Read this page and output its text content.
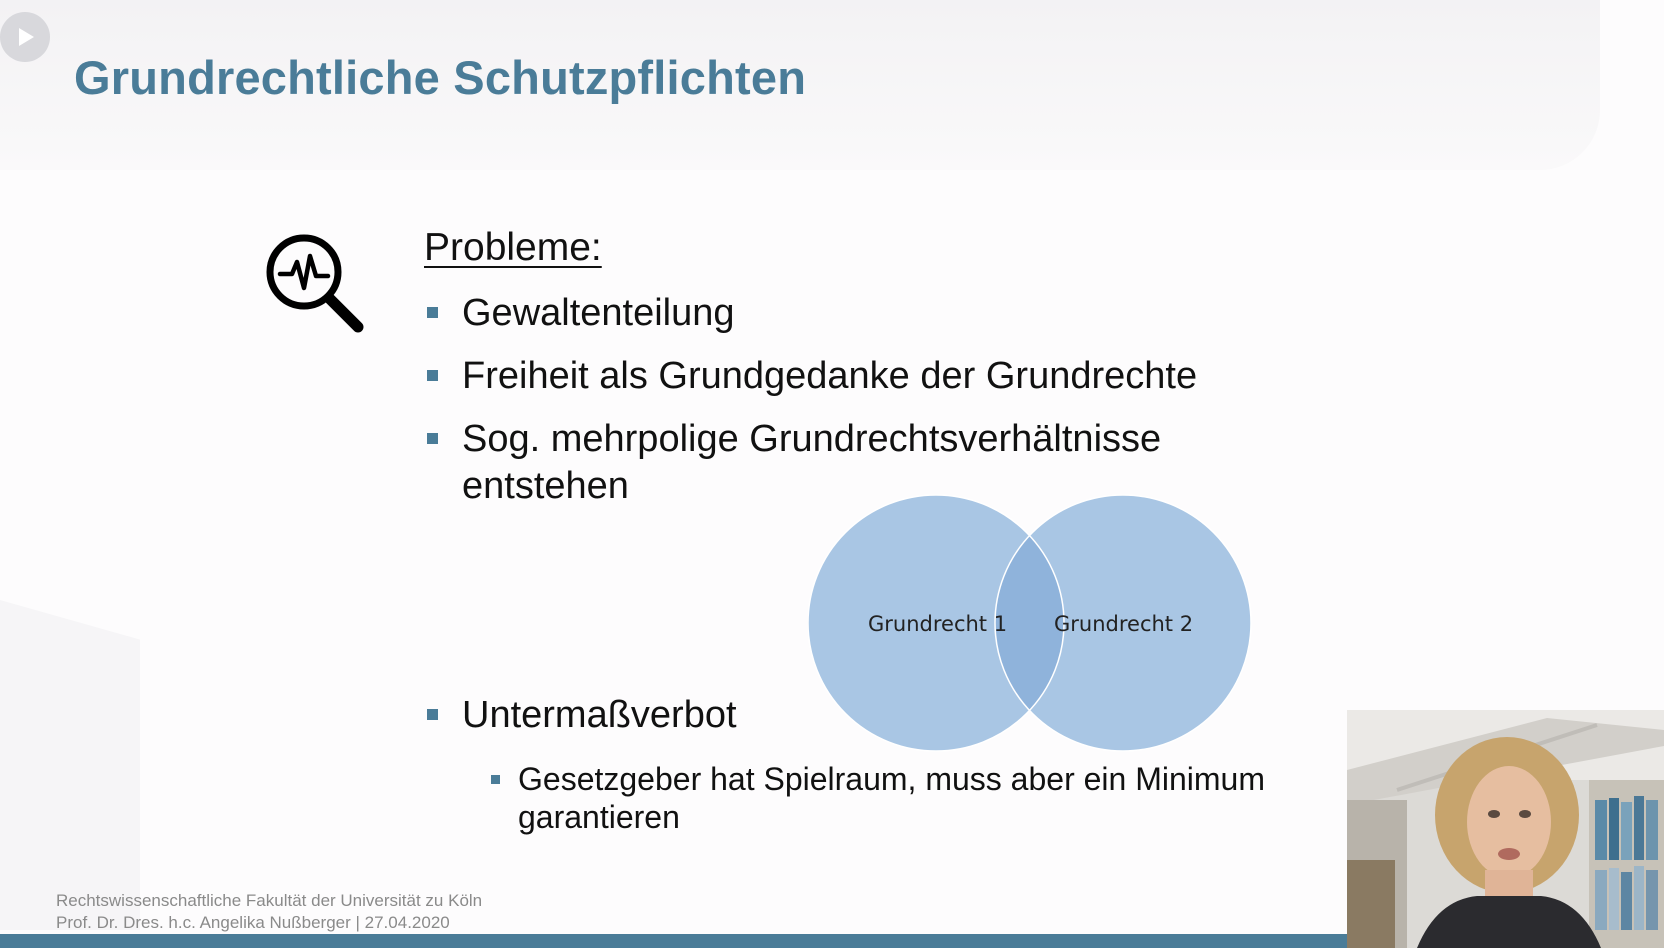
Grundrechtliche Schutzpflichten
Probleme:
Gewaltenteilung
Freiheit als Grundgedanke der Grundrechte
Sog. mehrpolige Grundrechtsverhältnisse entstehen
Grundrecht 1 Grundrecht 2
Untermaßverbot
Gesetzgeber hat Spielraum, muss aber ein Minimum garantieren
Rechtswissenschaftliche Fakultät der Universität zu Köln
Prof. Dr. Dres. h.c. Angelika Nußberger | 27.04.2020
